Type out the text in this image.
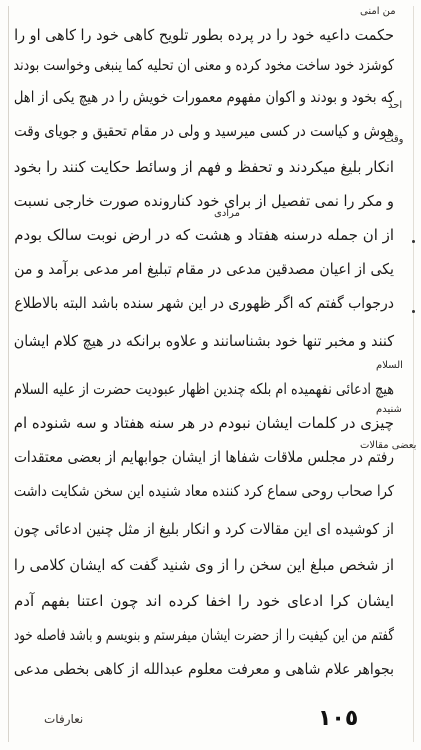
حکمت داعیه خود را در پرده بطور تلویح کاهی خود را کاهی او را
کوشزد خود ساخت مخود کرده و معنی ان تحلیه کما ینبغی وخواست بودند
که بخود و بودند و اکوان مفهوم معمورات خویش را در هیچ یکی از اهل
هوش و کیاست در کسی میرسید و ولی در مقام تحقیق و جویای وقت
انکار بلیغ میکردند و تحفظ و فهم از وسائط حکایت کنند را بخود
و مکر را نمی تفصیل از برای خود کنارونده صورت خارجی نسبت
از ان جمله درسنه هفتاد و هشت که در ارض نوبت سالک بودم
یکی از اعیان مصدقین مدعی در مقام تبلیغ امر مدعی برآمد و من
درجواب گفتم که اگر ظهوری در این شهر سنده باشد البته بالاطلاع
کنند و مخبر تنها خود بشناسانند و علاوه برانکه در هیچ کلام ایشان
هیچ ادعائی نفهمیده ام بلکه چندین اظهار عبودیت حضرت از علیه السلام
چیزی در کلمات ایشان نبودم در هر سنه هفتاد و سه شنوده ام
رفتم در مجلس ملاقات شفاها از ایشان جوابهایم از بعضی معتقدات
کرا صحاب روحی سماع کرد کننده معاد شنیده این سخن شکایت داشت
از کوشیده ای این مقالات کرد و انکار بلیغ از مثل چنین ادعائی چون
از شخص مبلغ این سخن را از وی شنید گفت که ایشان کلامی را
ایشان کرا ادعای خود را اخفا کرده اند چون اعتنا بفهم آدم
گفتم من این کیفیت را از حضرت ایشان میفرستم و بنویسم و باشد فاصله خود
بجواهر علام شاهی و معرفت معلوم عبدالله از کاهی بخطی مدعی
من امنی
احد
وقت
مرادی
السلام
شنیدم
بعضی مقالات
نعارفات	١٠٥
